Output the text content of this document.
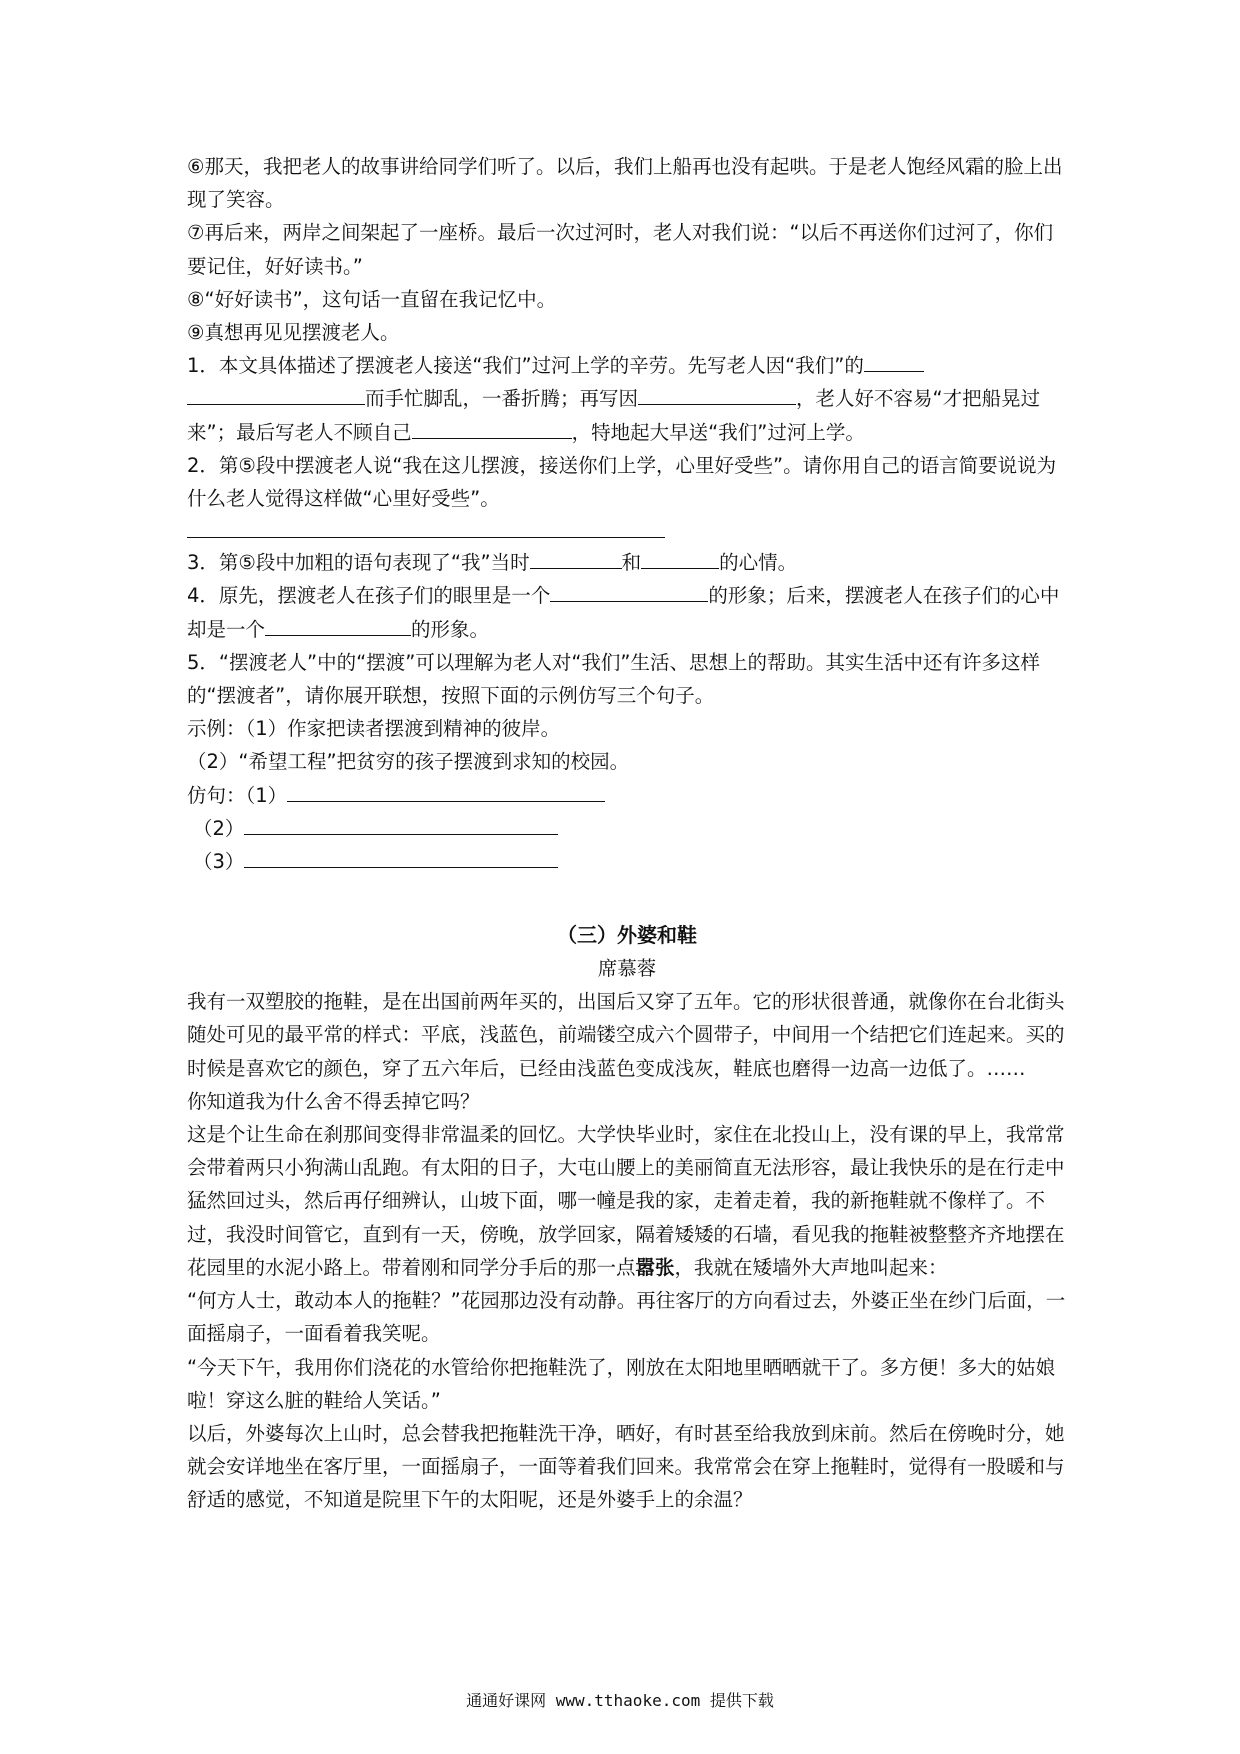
⑥那天，我把老人的故事讲给同学们听了。以后，我们上船再也没有起哄。于是老人饱经风霜的脸上出现了笑容。

⑦再后来，两岸之间架起了一座桥。最后一次过河时，老人对我们说：“以后不再送你们过河了，你们要记住，好好读书。”

⑧“好好读书”，这句话一直留在我记忆中。

⑨真想再见见摆渡老人。

1．本文具体描述了摆渡老人接送“我们”过河上学的辛劳。先写老人因“我们”的
而手忙脚乱，一番折腾；再写因	，老人好不容易“才把船晃过来”；最后写老人不顾自己	，特地起大早送“我们”过河上学。

2．第⑤段中摆渡老人说“我在这儿摆渡，接送你们上学，心里好受些”。请你用自己的语言简要说说为什么老人觉得这样做“心里好受些”。

3．第⑤段中加粗的语句表现了“我”当时	和	的心情。

4．原先，摆渡老人在孩子们的眼里是一个	的形象；后来，摆渡老人在孩子们的心中却是一个	的形象。

5．“摆渡老人”中的“摆渡”可以理解为老人对“我们”生活、思想上的帮助。其实生活中还有许多这样的“摆渡者”，请你展开联想，按照下面的示例仿写三个句子。

示例：（1）作家把读者摆渡到精神的彼岸。

（2）“希望工程”把贫穷的孩子摆渡到求知的校园。

仿句：（1）

（2）

（3）

（三）外婆和鞋
席慕蓉

我有一双塑胶的拖鞋，是在出国前两年买的，出国后又穿了五年。它的形状很普通，就像你在台北街头随处可见的最平常的样式：平底，浅蓝色，前端镂空成六个圆带子，中间用一个结把它们连起来。买的时候是喜欢它的颜色，穿了五六年后，已经由浅蓝色变成浅灰，鞋底也磨得一边高一边低了。……

你知道我为什么舍不得丢掉它吗？

这是个让生命在刹那间变得非常温柔的回忆。大学快毕业时，家住在北投山上，没有课的早上，我常常会带着两只小狗满山乱跑。有太阳的日子，大屯山腰上的美丽简直无法形容，最让我快乐的是在行走中猛然回过头，然后再仔细辨认，山坡下面，哪一幢是我的家，走着走着，我的新拖鞋就不像样了。不过，我没时间管它，直到有一天，傍晚，放学回家，隔着矮矮的石墙，看见我的拖鞋被整整齐齐地摆在花园里的水泥小路上。带着刚和同学分手后的那一点嚣张，我就在矮墙外大声地叫起来：

“何方人士，敢动本人的拖鞋？”花园那边没有动静。再往客厅的方向看过去，外婆正坐在纱门后面，一面摇扇子，一面看着我笑呢。

“今天下午，我用你们浇花的水管给你把拖鞋洗了，刚放在太阳地里晒晒就干了。多方便！多大的姑娘啦！穿这么脏的鞋给人笑话。”

以后，外婆每次上山时，总会替我把拖鞋洗干净，晒好，有时甚至给我放到床前。然后在傍晚时分，她就会安详地坐在客厅里，一面摇扇子，一面等着我们回来。我常常会在穿上拖鞋时，觉得有一股暖和与舒适的感觉，不知道是院里下午的太阳呢，还是外婆手上的余温？

通通好课网 www.tthaoke.com 提供下载
